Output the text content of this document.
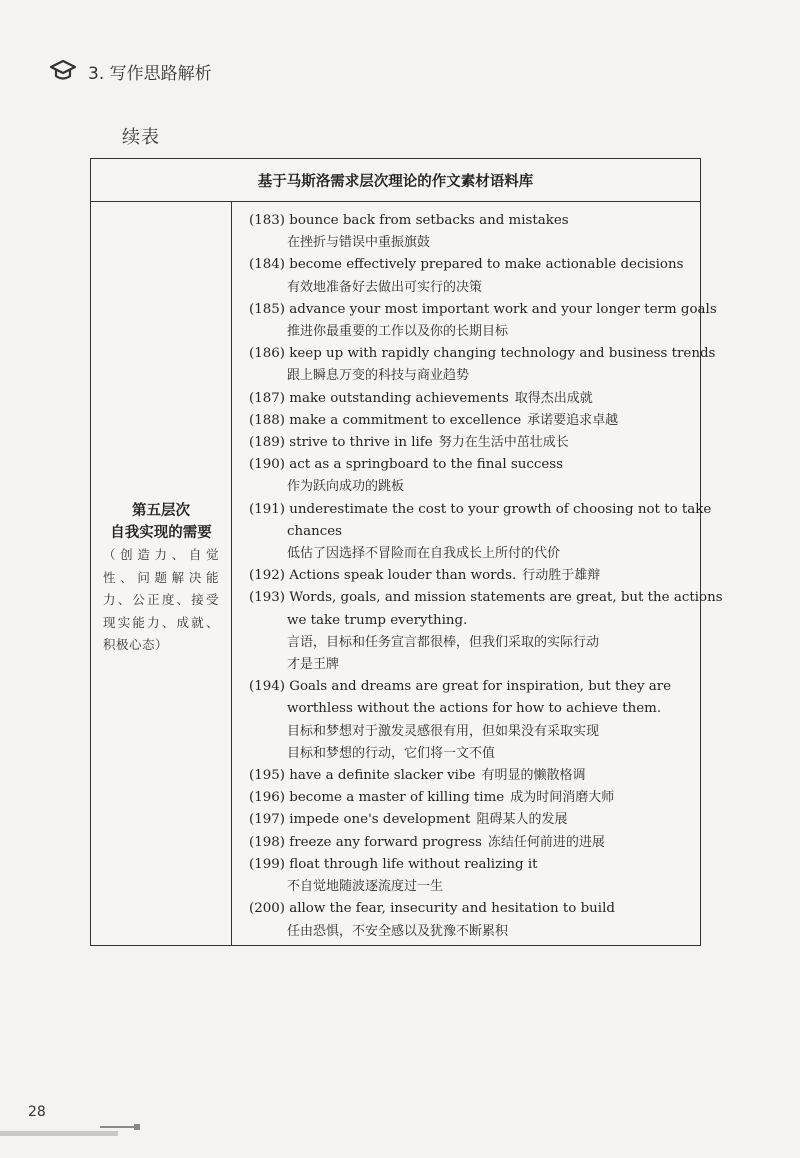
3. 写作思路解析
续表
基于马斯洛需求层次理论的作文素材语料库
第五层次
自我实现的需要
（创造力、自觉性、问题解决能力、公正度、接受现实能力、成就、积极心态）
(183) bounce back from setbacks and mistakes
在挫折与错误中重振旗鼓
(184) become effectively prepared to make actionable decisions
有效地准备好去做出可实行的决策
(185) advance your most important work and your longer term goals
推进你最重要的工作以及你的长期目标
(186) keep up with rapidly changing technology and business trends
跟上瞬息万变的科技与商业趋势
(187) make outstanding achievements 取得杰出成就
(188) make a commitment to excellence 承诺要追求卓越
(189) strive to thrive in life 努力在生活中茁壮成长
(190) act as a springboard to the final success
作为跃向成功的跳板
(191) underestimate the cost to your growth of choosing not to take
chances
低估了因选择不冒险而在自我成长上所付的代价
(192) Actions speak louder than words. 行动胜于雄辩
(193) Words, goals, and mission statements are great, but the actions
we take trump everything.
言语，目标和任务宣言都很棒，但我们采取的实际行动
才是王牌
(194) Goals and dreams are great for inspiration, but they are
worthless without the actions for how to achieve them.
目标和梦想对于激发灵感很有用，但如果没有采取实现
目标和梦想的行动，它们将一文不值
(195) have a definite slacker vibe 有明显的懒散格调
(196) become a master of killing time 成为时间消磨大师
(197) impede one's development 阻碍某人的发展
(198) freeze any forward progress 冻结任何前进的进展
(199) float through life without realizing it
不自觉地随波逐流度过一生
(200) allow the fear, insecurity and hesitation to build
任由恐惧，不安全感以及犹豫不断累积
28
